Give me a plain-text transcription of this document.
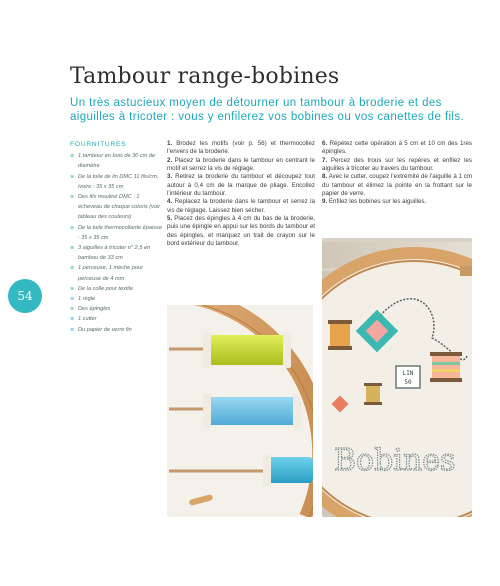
Tambour range-bobines

Un très astucieux moyen de détourner un tambour à broderie et des aiguilles à tricoter : vous y enfilerez vos bobines ou vos canettes de fils.

FOURNITURES
≋ 1 tambour en bois de 30 cm de diamètre
≋ De la toile de lin DMC 11 fils/cm, ivoire : 35 x 35 cm
≋ Des fils mouliné DMC : 1 écheveau de chaque coloris (voir tableau des couleurs)
≋ De la toile thermocollante épaisse : 35 x 35 cm
≋ 3 aiguilles à tricoter n° 2,5 en bambou de 33 cm
≋ 1 perceuse, 1 mèche pour perceuse de 4 mm
≋ De la colle pour textile
≋ 1 règle
≋ Des épingles
≋ 1 cutter
≋ Du papier de verre fin

1. Brodez les motifs (voir p. 56) et thermocollez l’envers de la broderie.

2. Placez la broderie dans le tambour en centrant le motif et serrez la vis de réglage.

3. Retirez la broderie du tambour et découpez tout autour à 0,4 cm de la marque de pliage. Encollez l’intérieur du tambour.

4. Replacez la broderie dans le tambour et serrez la vis de réglage. Laissez bien sécher.

5. Placez des épingles à 4 cm du bas de la broderie, puis une épingle en appui sur les bords du tambour et des épingles, et marquez un trait de crayon sur le bord extérieur du tambour.

6. Répétez cette opération à 5 cm et 10 cm des 1res épingles.

7. Percez des trous sur les repères et enfilez les aiguilles à tricoter au travers du tambour.

8. Avec le cutter, coupez l’extrémité de l’aiguille à 1 cm du tambour et élimez la pointe en la frottant sur le papier de verre.

9. Enfilez les bobines sur les aiguilles.

54
LIN
50
Bobines
